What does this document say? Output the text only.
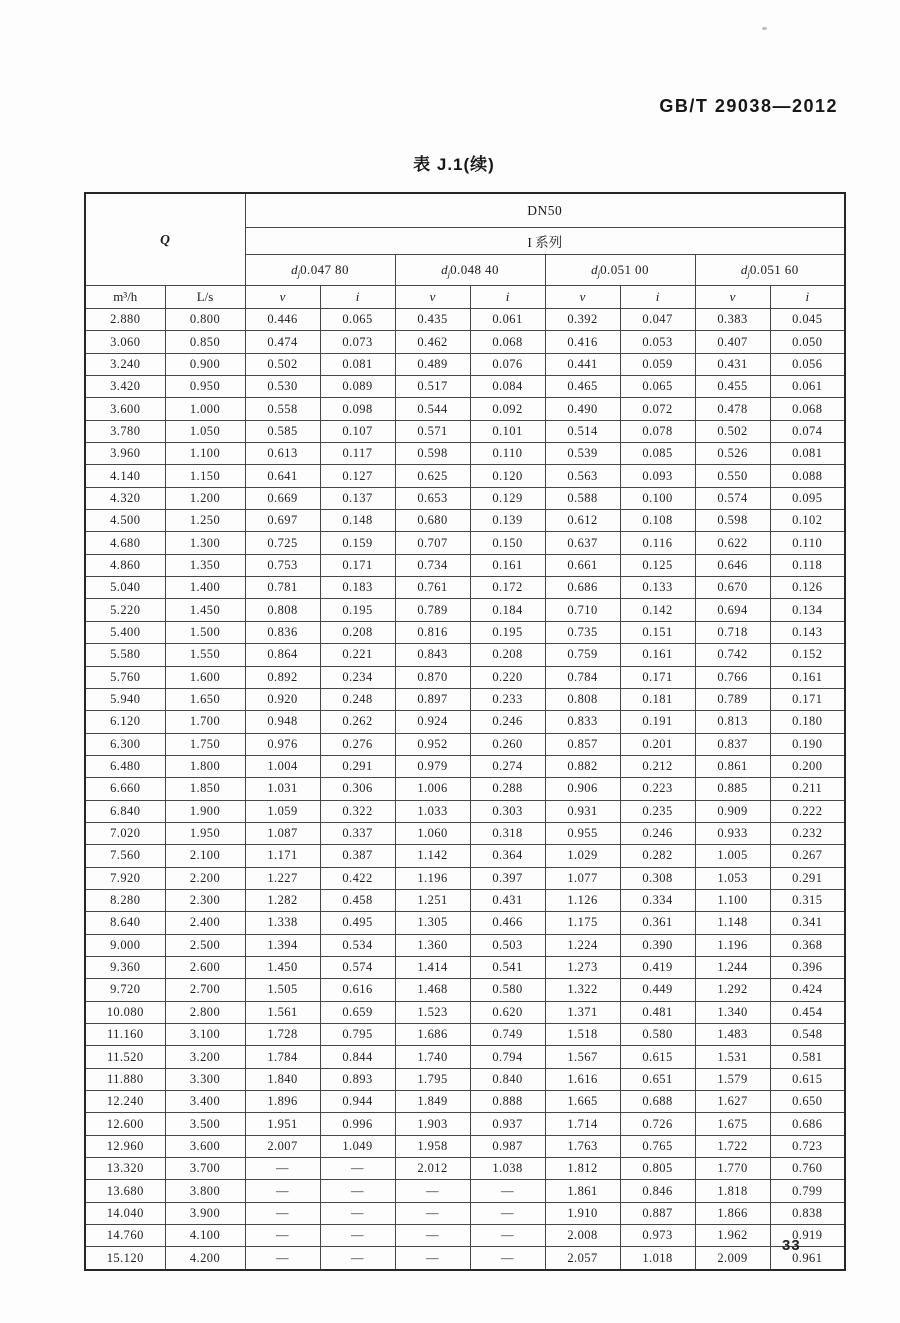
GB/T 29038—2012
表 J.1(续)
Q		DN50							
		I 系列							
		$d_j0.047$ 80		$d_j0.048$ 40		$d_j0.051$ 00		$d_j0.051$ 60	
m³/h	L/s	v	i	v	i	v	i	v	i
2.880	0.800	0.446	0.065	0.435	0.061	0.392	0.047	0.383	0.045
3.060	0.850	0.474	0.073	0.462	0.068	0.416	0.053	0.407	0.050
3.240	0.900	0.502	0.081	0.489	0.076	0.441	0.059	0.431	0.056
3.420	0.950	0.530	0.089	0.517	0.084	0.465	0.065	0.455	0.061
3.600	1.000	0.558	0.098	0.544	0.092	0.490	0.072	0.478	0.068
3.780	1.050	0.585	0.107	0.571	0.101	0.514	0.078	0.502	0.074
3.960	1.100	0.613	0.117	0.598	0.110	0.539	0.085	0.526	0.081
4.140	1.150	0.641	0.127	0.625	0.120	0.563	0.093	0.550	0.088
4.320	1.200	0.669	0.137	0.653	0.129	0.588	0.100	0.574	0.095
4.500	1.250	0.697	0.148	0.680	0.139	0.612	0.108	0.598	0.102
4.680	1.300	0.725	0.159	0.707	0.150	0.637	0.116	0.622	0.110
4.860	1.350	0.753	0.171	0.734	0.161	0.661	0.125	0.646	0.118
5.040	1.400	0.781	0.183	0.761	0.172	0.686	0.133	0.670	0.126
5.220	1.450	0.808	0.195	0.789	0.184	0.710	0.142	0.694	0.134
5.400	1.500	0.836	0.208	0.816	0.195	0.735	0.151	0.718	0.143
5.580	1.550	0.864	0.221	0.843	0.208	0.759	0.161	0.742	0.152
5.760	1.600	0.892	0.234	0.870	0.220	0.784	0.171	0.766	0.161
5.940	1.650	0.920	0.248	0.897	0.233	0.808	0.181	0.789	0.171
6.120	1.700	0.948	0.262	0.924	0.246	0.833	0.191	0.813	0.180
6.300	1.750	0.976	0.276	0.952	0.260	0.857	0.201	0.837	0.190
6.480	1.800	1.004	0.291	0.979	0.274	0.882	0.212	0.861	0.200
6.660	1.850	1.031	0.306	1.006	0.288	0.906	0.223	0.885	0.211
6.840	1.900	1.059	0.322	1.033	0.303	0.931	0.235	0.909	0.222
7.020	1.950	1.087	0.337	1.060	0.318	0.955	0.246	0.933	0.232
7.560	2.100	1.171	0.387	1.142	0.364	1.029	0.282	1.005	0.267
7.920	2.200	1.227	0.422	1.196	0.397	1.077	0.308	1.053	0.291
8.280	2.300	1.282	0.458	1.251	0.431	1.126	0.334	1.100	0.315
8.640	2.400	1.338	0.495	1.305	0.466	1.175	0.361	1.148	0.341
9.000	2.500	1.394	0.534	1.360	0.503	1.224	0.390	1.196	0.368
9.360	2.600	1.450	0.574	1.414	0.541	1.273	0.419	1.244	0.396
9.720	2.700	1.505	0.616	1.468	0.580	1.322	0.449	1.292	0.424
10.080	2.800	1.561	0.659	1.523	0.620	1.371	0.481	1.340	0.454
11.160	3.100	1.728	0.795	1.686	0.749	1.518	0.580	1.483	0.548
11.520	3.200	1.784	0.844	1.740	0.794	1.567	0.615	1.531	0.581
11.880	3.300	1.840	0.893	1.795	0.840	1.616	0.651	1.579	0.615
12.240	3.400	1.896	0.944	1.849	0.888	1.665	0.688	1.627	0.650
12.600	3.500	1.951	0.996	1.903	0.937	1.714	0.726	1.675	0.686
12.960	3.600	2.007	1.049	1.958	0.987	1.763	0.765	1.722	0.723
13.320	3.700	—	—	2.012	1.038	1.812	0.805	1.770	0.760
13.680	3.800	—	—	—	—	1.861	0.846	1.818	0.799
14.040	3.900	—	—	—	—	1.910	0.887	1.866	0.838
14.760	4.100	—	—	—	—	2.008	0.973	1.962	0.919
15.120	4.200	—	—	—	—	2.057	1.018	2.009	0.961
33
